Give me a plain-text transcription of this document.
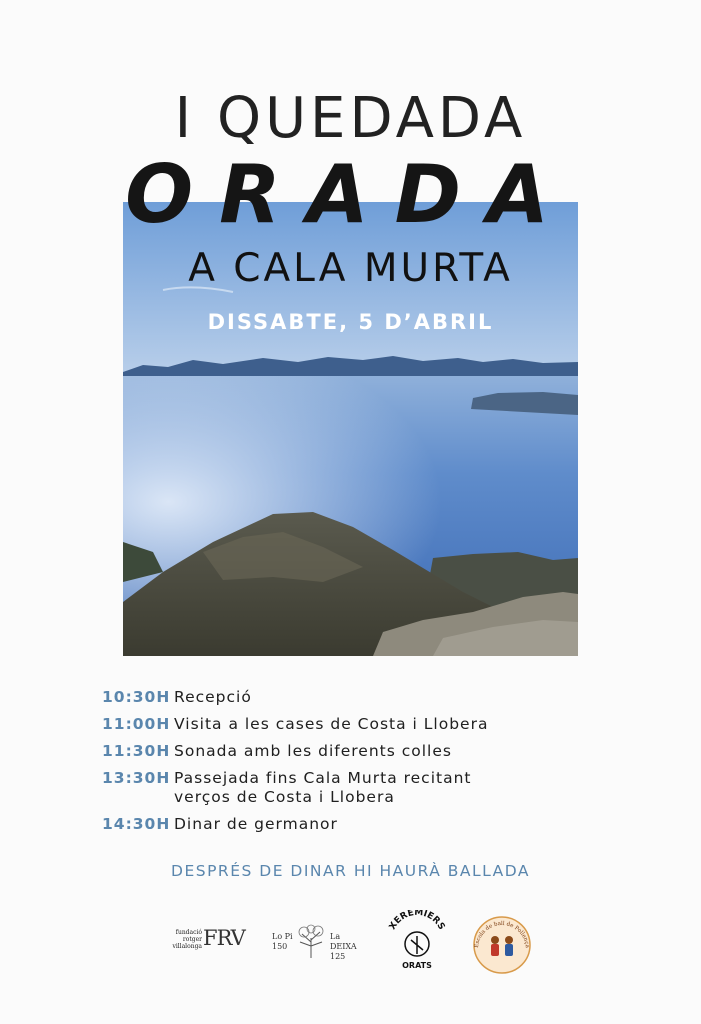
I QUEDADA
ORADA
A CALA MURTA
DISSABTE, 5 D’ABRIL
10:30H Recepció
11:00H Visita a les cases de Costa i Llobera
11:30H Sonada amb les diferents colles
13:30H Passejada fins Cala Murta recitant
verços de Costa i Llobera
14:30H Dinar de germanor
DESPRÉS DE DINAR HI HAURÀ BALLADA
fundació
rotger
villalonga FRV	Lo Pi
150
La
DEIXA
125
XEREMIERS
ORATS
Escola de ball de Pollença
